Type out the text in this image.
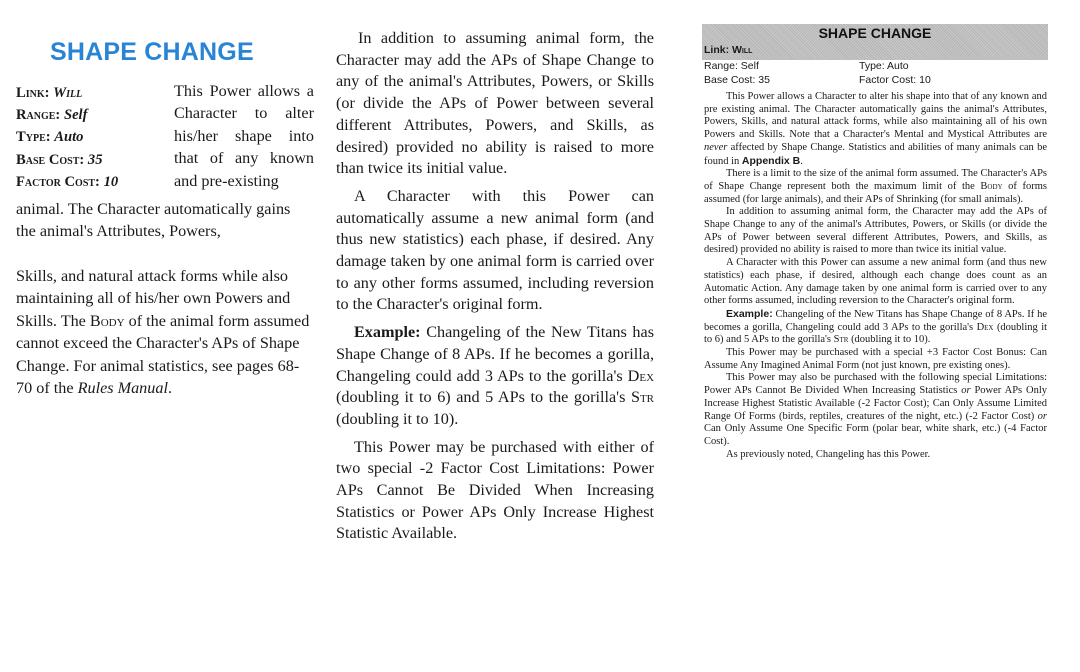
SHAPE CHANGE
Link: Will
Range: Self
Type: Auto
Base Cost: 35
Factor Cost: 10
This Power allows a Character to alter his/her shape into that of any known and pre-existing
animal. The Character automatically gains the animal's Attributes, Powers,
Skills, and natural attack forms while also maintaining all of his/her own Powers and Skills. The Body of the animal form assumed cannot exceed the Character's APs of Shape Change. For animal statistics, see pages 68-70 of the Rules Manual.

In addition to assuming animal form, the Character may add the APs of Shape Change to any of the animal's Attributes, Powers, or Skills (or divide the APs of Power between several different Attributes, Powers, and Skills, as desired) provided no ability is raised to more than twice its initial value.

A Character with this Power can automatically assume a new animal form (and thus new statistics) each phase, if desired. Any damage taken by one animal form is carried over to any other forms assumed, including reversion to the Character's original form.

Example: Changeling of the New Titans has Shape Change of 8 APs. If he becomes a gorilla, Changeling could add 3 APs to the gorilla's Dex (doubling it to 6) and 5 APs to the gorilla's Str (doubling it to 10).

This Power may be purchased with either of two special -2 Factor Cost Limitations: Power APs Cannot Be Divided When Increasing Statistics or Power APs Only Increase Highest Statistic Available.

SHAPE CHANGE
Link: Will
Range: Self	Type: Auto
Base Cost: 35	Factor Cost: 10

This Power allows a Character to alter his shape into that of any known and pre existing animal. The Character automatically gains the animal's Attributes, Powers, Skills, and natural attack forms, while also maintaining all of his own Powers and Skills. Note that a Character's Mental and Mystical Attributes are never affected by Shape Change. Statistics and abilities of many animals can be found in Appendix B.

There is a limit to the size of the animal form assumed. The Character's APs of Shape Change represent both the maximum limit of the Body of forms assumed (for large animals), and their APs of Shrinking (for small animals).

In addition to assuming animal form, the Character may add the APs of Shape Change to any of the animal's Attributes, Powers, or Skills (or divide the APs of Power between several different Attributes, Powers, and Skills, as desired) provided no ability is raised to more than twice its initial value.

A Character with this Power can assume a new animal form (and thus new statistics) each phase, if desired, although each change does count as an Automatic Action. Any damage taken by one animal form is carried over to any other forms assumed, including reversion to the Character's original form.

Example: Changeling of the New Titans has Shape Change of 8 APs. If he becomes a gorilla, Changeling could add 3 APs to the gorilla's Dex (doubling it to 6) and 5 APs to the gorilla's Str (doubling it to 10).

This Power may be purchased with a special +3 Factor Cost Bonus: Can Assume Any Imagined Animal Form (not just known, pre existing ones).

This Power may also be purchased with the following special Limitations: Power APs Cannot Be Divided When Increasing Statistics or Power APs Only Increase Highest Statistic Available (-2 Factor Cost); Can Only Assume Limited Range Of Forms (birds, reptiles, creatures of the night, etc.) (-2 Factor Cost) or Can Only Assume One Specific Form (polar bear, white shark, etc.) (-4 Factor Cost).

As previously noted, Changeling has this Power.
